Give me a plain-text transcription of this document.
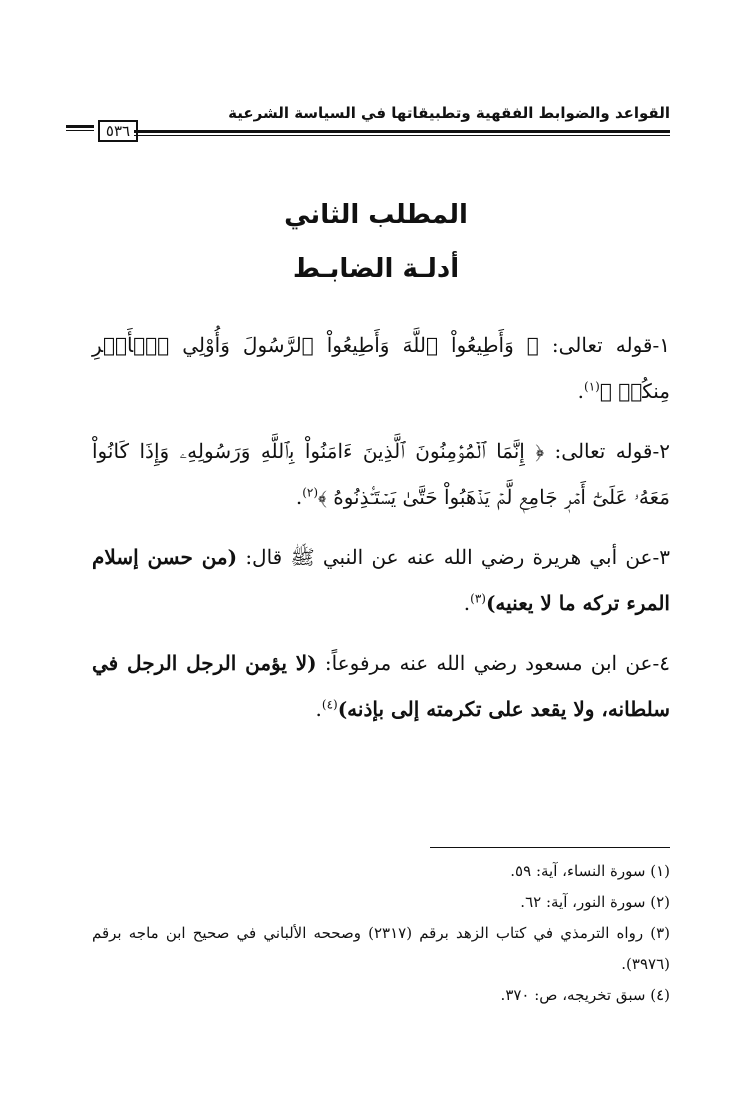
القواعد والضوابط الفقهية وتطبيقاتها في السياسة الشرعية
٥٣٦
المطلب الثاني
أدلـة الضابـط

١-قوله تعالى: ﴿ وَأَطِيعُواْ ٱللَّهَ وَأَطِيعُواْ ٱلرَّسُولَ وَأُوْلِي ٱلۡأَمۡرِ مِنكُمۡ ﴾$^{(١)}$.

٢-قوله تعالى: ﴿ إِنَّمَا ٱلۡمُؤۡمِنُونَ ٱلَّذِينَ ءَامَنُواْ بِٱللَّهِ وَرَسُولِهِۦ وَإِذَا كَانُواْ مَعَهُۥ عَلَىٰٓ أَمۡرٖ جَامِعٖ لَّمۡ يَذۡهَبُواْ حَتَّىٰ يَسۡتَـٔۡذِنُوهُ ﴾$^{(٢)}$.

٣-عن أبي هريرة رضي الله عنه عن النبي ﷺ قال: (من حسن إسلام المرء تركه ما لا يعنيه)$^{(٣)}$.

٤-عن ابن مسعود رضي الله عنه مرفوعاً: (لا يؤمن الرجل الرجل في سلطانه، ولا يقعد على تكرمته إلى بإذنه)$^{(٤)}$.

(١) سورة النساء، آية: ٥٩.

(٢) سورة النور، آية: ٦٢.

(٣) رواه الترمذي في كتاب الزهد برقم (٢٣١٧) وصححه الألباني في صحيح ابن ماجه برقم (٣٩٧٦).

(٤) سبق تخريجه، ص: ٣٧٠.
